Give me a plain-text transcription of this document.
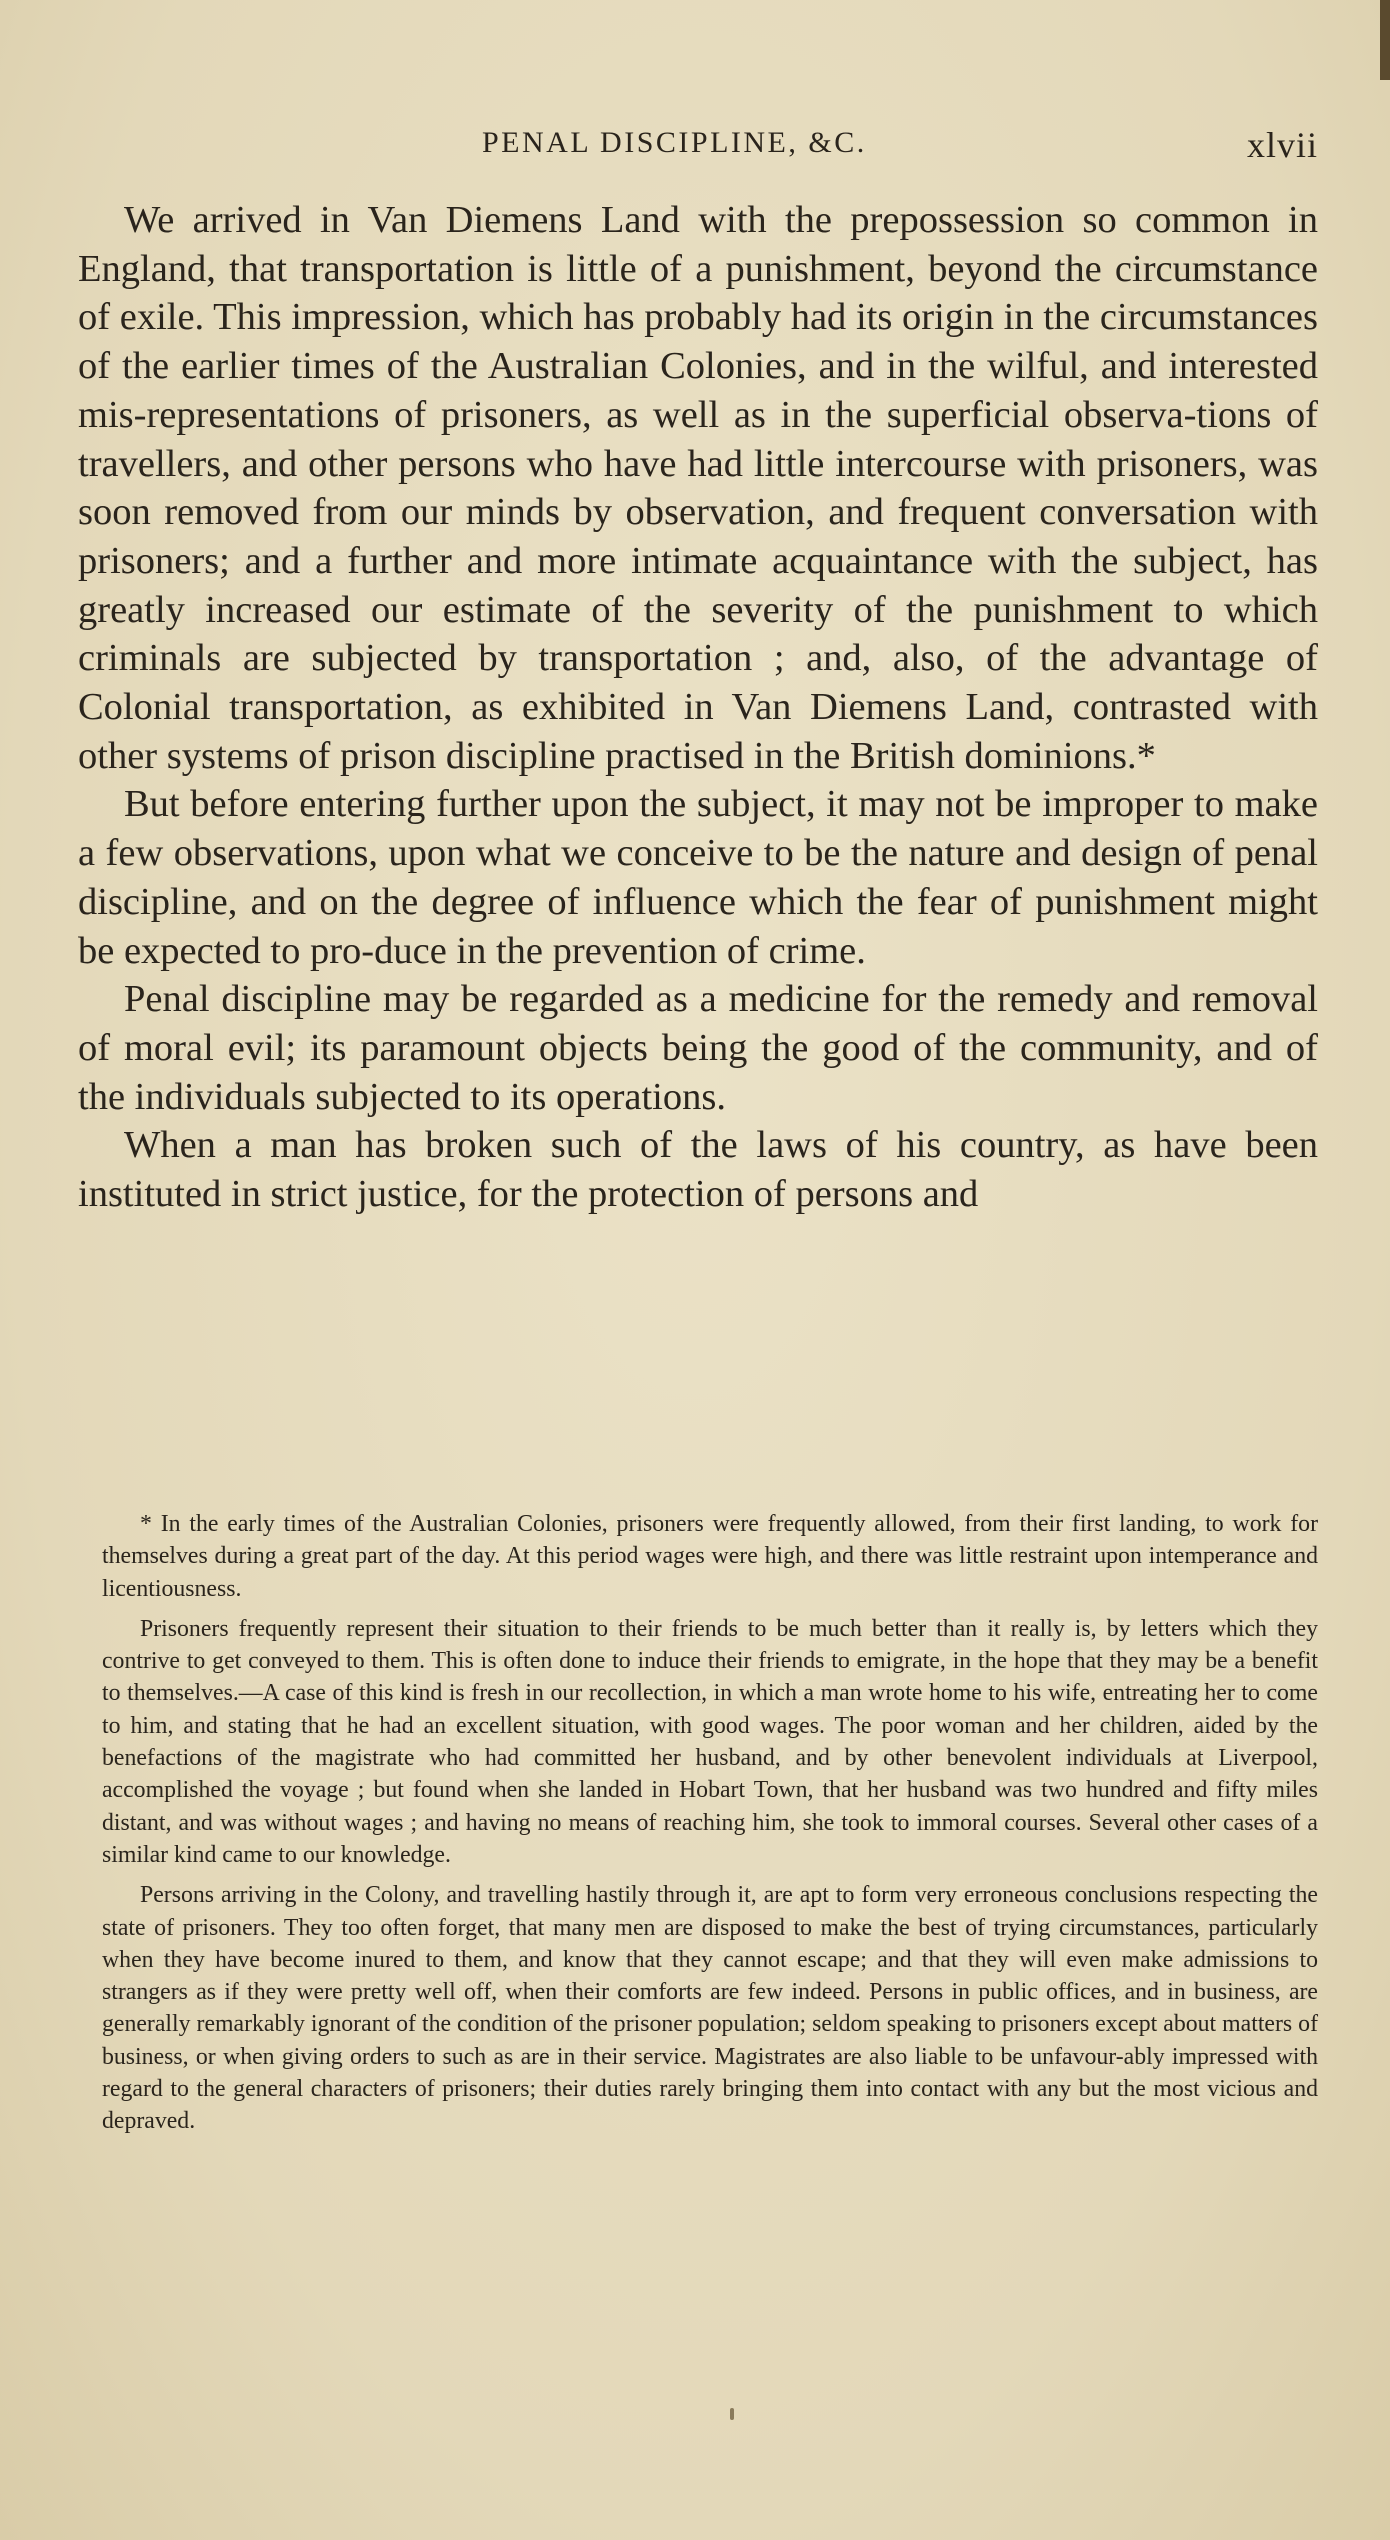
PENAL DISCIPLINE, &C.	xlvii

We arrived in Van Diemens Land with the prepossession so common in England, that transportation is little of a punishment, beyond the circumstance of exile. This impression, which has probably had its origin in the circumstances of the earlier times of the Australian Colonies, and in the wilful, and interested mis-representations of prisoners, as well as in the superficial observa-tions of travellers, and other persons who have had little intercourse with prisoners, was soon removed from our minds by observation, and frequent conversation with prisoners; and a further and more intimate acquaintance with the subject, has greatly increased our estimate of the severity of the punishment to which criminals are subjected by transportation ; and, also, of the advantage of Colonial transportation, as exhibited in Van Diemens Land, contrasted with other systems of prison discipline practised in the British dominions.*

But before entering further upon the subject, it may not be improper to make a few observations, upon what we conceive to be the nature and design of penal discipline, and on the degree of influence which the fear of punishment might be expected to pro-duce in the prevention of crime.

Penal discipline may be regarded as a medicine for the remedy and removal of moral evil; its paramount objects being the good of the community, and of the individuals subjected to its operations.

When a man has broken such of the laws of his country, as have been instituted in strict justice, for the protection of persons and

* In the early times of the Australian Colonies, prisoners were frequently allowed, from their first landing, to work for themselves during a great part of the day. At this period wages were high, and there was little restraint upon intemperance and licentiousness.

Prisoners frequently represent their situation to their friends to be much better than it really is, by letters which they contrive to get conveyed to them. This is often done to induce their friends to emigrate, in the hope that they may be a benefit to themselves.—A case of this kind is fresh in our recollection, in which a man wrote home to his wife, entreating her to come to him, and stating that he had an excellent situation, with good wages. The poor woman and her children, aided by the benefactions of the magistrate who had committed her husband, and by other benevolent individuals at Liverpool, accomplished the voyage ; but found when she landed in Hobart Town, that her husband was two hundred and fifty miles distant, and was without wages ; and having no means of reaching him, she took to immoral courses. Several other cases of a similar kind came to our knowledge.

Persons arriving in the Colony, and travelling hastily through it, are apt to form very erroneous conclusions respecting the state of prisoners. They too often forget, that many men are disposed to make the best of trying circumstances, particularly when they have become inured to them, and know that they cannot escape; and that they will even make admissions to strangers as if they were pretty well off, when their comforts are few indeed. Persons in public offices, and in business, are generally remarkably ignorant of the condition of the prisoner population; seldom speaking to prisoners except about matters of business, or when giving orders to such as are in their service. Magistrates are also liable to be unfavour-ably impressed with regard to the general characters of prisoners; their duties rarely bringing them into contact with any but the most vicious and depraved.
